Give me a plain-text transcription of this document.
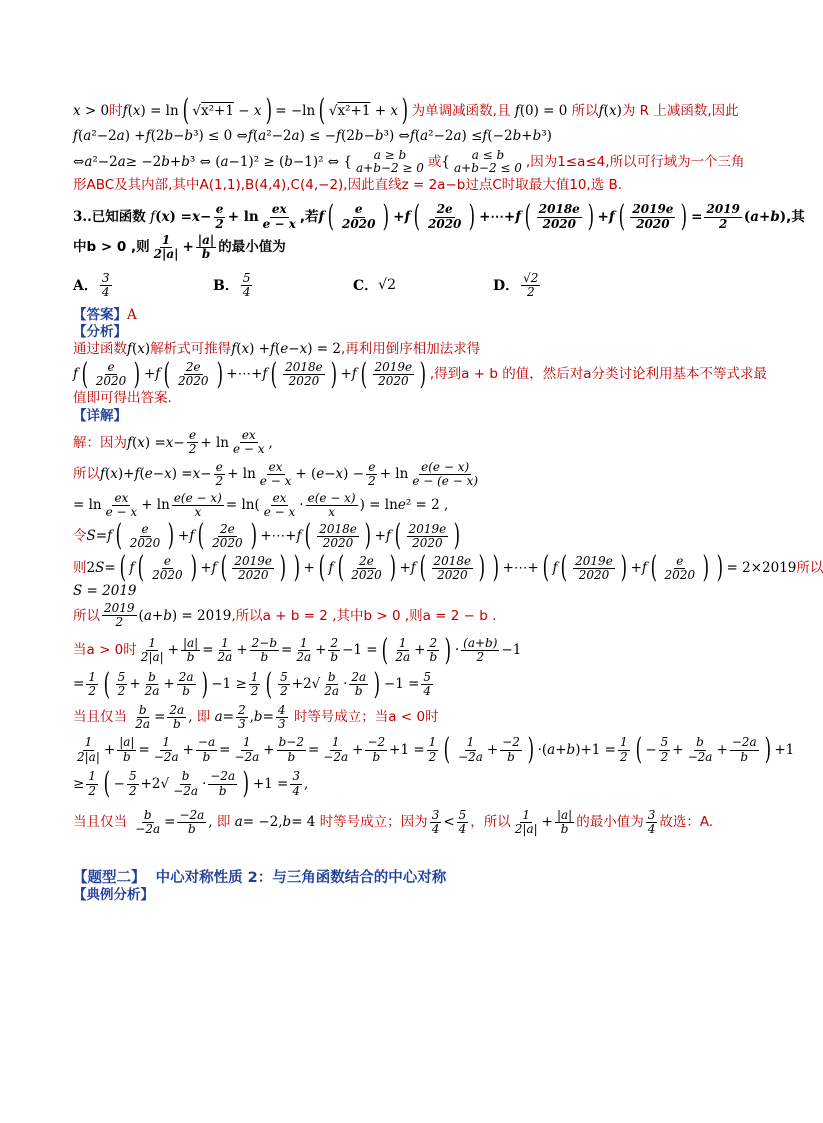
x > 0 时 f ( x ) = ln ( √ x²+1 − x ) = −ln ( √ x²+1 + x ) 为单调减函数,且
f (0) = 0 所以 f ( x ) 为 R 上减函数,因此
f ( a ²−2 a ) + f (2 b − b ³) ≤ 0 ⇔ f ( a ²−2 a ) ≤ − f (2 b − b ³) ⇔ f ( a ²−2 a ) ≤ f (−2 b + b ³)
⇔ a ²−2 a ≥ −2 b + b ³ ⇔ ( a −1)² ≥ ( b −1)² ⇔ { a ≥ b
a+b−2 ≥ 0 或 { a ≤ b
a+b−2 ≤ 0 ,因为1≤a≤4,所以可行域为一个三角
形ABC及其内部,其中A(1,1),B(4,4),C(4,−2),因此直线z = 2a−b过点C时取最大值10,选 B.
3.. 已知函数 f ( x ) = $x - \frac{e}{2} + \ln \frac{ex}{e - x}$ ,若 f ( $\frac{e}{2020}$ ) + f ( $\frac{2e}{2020}$ ) +⋯+ f ( $\frac{2018e}{2020}$ ) + f ( $\frac{2019e}{2020}$ ) = $\frac{2019}{2}$ ( a + b ) ,其
中b > 0 ,则 $\frac{1}{2|a|} + \frac{|a|}{b}$ 的最小值为
A． $\frac{3}{4}$	B． $\frac{5}{4}$	C． √2	D． $\frac{√2}{2}$
【答案】 A
【分析】
通过函数 f ( x ) 解析式可推得 f ( x ) + f ( e − x ) = 2 ,再利用倒序相加法求得
f ( $\frac{e}{2020}$ ) + f ( $\frac{2e}{2020}$ ) +⋯+ f ( $\frac{2018e}{2020}$ ) + f ( $\frac{2019e}{2020}$ ) ,得到a + b 的值，然后对a分类讨论利用基本不等式求最
值即可得出答案.
【详解】
解：因为 f ( x ) = $x - \frac{e}{2} + \ln \frac{ex}{e - x}$ ,
所以 f ( x )+ f ( e − x ) = $x - \frac{e}{2} + \ln \frac{ex}{e - x}$ + ( e − x ) − $\frac{e}{2} + \ln \frac{e(e - x)}{e - (e - x)}$
= $\ln \frac{ex}{e - x} + \ln \frac{e(e - x)}{x} = \ln( \frac{ex}{e - x} \cdot \frac{e(e - x)}{x}$ ) = ln e ² = 2 ,
令 S = f ( $\frac{e}{2020}$ ) + f ( $\frac{2e}{2020}$ ) +⋯+ f ( $\frac{2018e}{2020}$ ) + f ( $\frac{2019e}{2020}$ )
则 2 S = ( f ( $\frac{e}{2020}$ ) + f ( $\frac{2019e}{2020}$ ) ) + ( f ( $\frac{2e}{2020}$ ) + f ( $\frac{2018e}{2020}$ ) ) +⋯+ ( f ( $\frac{2019e}{2020}$ ) + f ( $\frac{e}{2020}$ ) ) = 2×2019 所以
S = 2019
所以 $\frac{2019}{2}$ ( a + b ) = 2019 ,所以a + b = 2 ,其中b > 0 ,则a = 2 − b .
当a > 0时 $\frac{1}{2|a|} + \frac{|a|}{b} = \frac{1}{2a} + \frac{2-b}{b} = \frac{1}{2a} + \frac{2}{b} -1$ = ( $\frac{1}{2a} + \frac{2}{b}$ ) · $\frac{(a+b)}{2} -1$
= $\frac{1}{2}$ ( $\frac{5}{2} + \frac{b}{2a} + \frac{2a}{b}$ ) $-1 \ge \frac{1}{2}$ ( $\frac{5}{2} +2√ \frac{b}{2a} \cdot \frac{2a}{b}$ ) $-1 = \frac{5}{4}$
当且仅当
$\frac{b}{2a} = \frac{2a}{b}$ , 即 $a = \frac{2}{3}$ , $b = \frac{4}{3}$
时等号成立；当a < 0时
$\frac{1}{2|a|} + \frac{|a|}{b} = \frac{1}{-2a} + \frac{-a}{b} = \frac{1}{-2a} + \frac{b-2}{b} = \frac{1}{-2a} + \frac{-2}{b} +1 = \frac{1}{2}$ ( $\frac{1}{-2a} + \frac{-2}{b}$ ) ·( a + b )$+1 = \frac{1}{2}$ ( − $\frac{5}{2} + \frac{b}{-2a} + \frac{-2a}{b}$ ) +1
≥ $\frac{1}{2}$ ( − $\frac{5}{2} +2√ \frac{b}{-2a} \cdot \frac{-2a}{b}$ ) $+1 = \frac{3}{4}$ ,
当且仅当
$\frac{b}{-2a} = \frac{-2a}{b}$ , 即 a = −2, b = 4 时等号成立；因为 $\frac{3}{4} < \frac{5}{4}$ ，所以 $\frac{1}{2|a|} + \frac{|a|}{b}$ 的最小值为 $\frac{3}{4}$ 故选：A.
【题型二】 中心对称性质 2：与三角函数结合的中心对称
【典例分析】
